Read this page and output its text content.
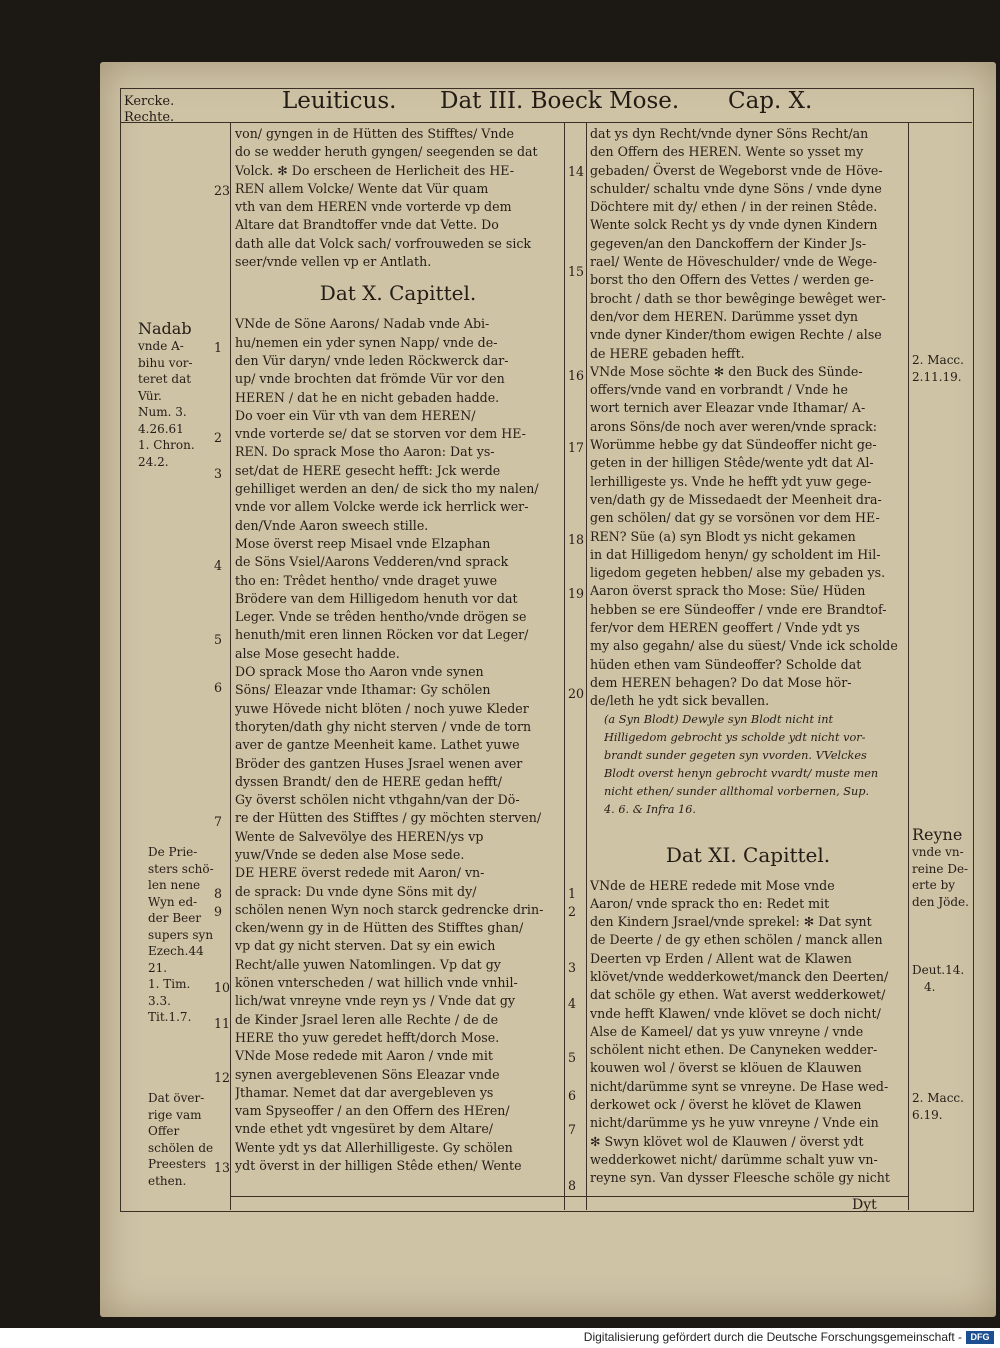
Kercke. Rechte.
Leuiticus. Dat III. Boeck Mose. Cap. X.

von/ gyngen in de Hütten des Stifftes/ Vnde

do se wedder heruth gyngen/ seegenden se dat

Volck. ✻ Do erscheen de Herlicheit des HE-

REN allem Volcke/ Wente dat Vür quam

vth van dem HEREN vnde vorterde vp dem

Altare dat Brandtoffer vnde dat Vette. Do

dath alle dat Volck sach/ vorfrouweden se sick

seer/vnde vellen vp er Antlath.

Dat X. Capittel.

VNde de Söne Aarons/ Nadab vnde Abi-

hu/nemen ein yder synen Napp/ vnde de-

den Vür daryn/ vnde leden Röckwerck dar-

up/ vnde brochten dat frömde Vür vor den

HEREN / dat he en nicht gebaden hadde.

Do voer ein Vür vth van dem HEREN/

vnde vorterde se/ dat se storven vor dem HE-

REN. Do sprack Mose tho Aaron: Dat ys-

set/dat de HERE gesecht hefft: Jck werde

gehilliget werden an den/ de sick tho my nalen/

vnde vor allem Volcke werde ick herrlick wer-

den/Vnde Aaron sweech stille.

Mose överst reep Misael vnde Elzaphan

de Söns Vsiel/Aarons Vedderen/vnd sprack

tho en: Trêdet hentho/ vnde draget yuwe

Bröderе van dem Hilligedom henuth vor dat

Leger. Vnde se trêden hentho/vnde drögen se

henuth/mit eren linnen Röcken vor dat Leger/

alse Mose gesecht hadde.

DO sprack Mose tho Aaron vnde synen

Söns/ Eleazar vnde Ithamar: Gy schölen

yuwe Hövede nicht blöten / noch yuwe Kleder

thoryten/dath ghy nicht sterven / vnde de torn

aver de gantze Meenheit kame. Lathet yuwe

Bröder des gantzen Huses Jsrael wenen aver

dyssen Brandt/ den de HERE gedan hefft/

Gy överst schölen nicht vthgahn/van der Dö-

re der Hütten des Stifftes / gy möchten sterven/

Wente de Salvevölye des HEREN/ys vp

yuw/Vnde se deden alse Mose sede.

DE HERE överst redede mit Aaron/ vn-

de sprack: Du vnde dyne Söns mit dy/

schölen nenen Wyn noch starck gedrencke drin-

cken/wenn gy in de Hütten des Stifftes ghan/

vp dat gy nicht sterven. Dat sy ein ewich

Recht/alle yuwen Natomlingen. Vp dat gy

könen vnterscheden / wat hillich vnde vnhil-

lich/wat vnreyne vnde reyn ys / Vnde dat gy

de Kinder Jsrael leren alle Rechte / de de

HERE tho yuw geredet hefft/dorch Mose.

VNde Mose redede mit Aaron / vnde mit

synen avergeblevenen Söns Eleazar vnde

Jthamar. Nemet dat dar avergebleven ys

vam Spyseoffer / an den Offern des HEren/

vnde ethet ydt vngesüret by dem Altare/

Wente ydt ys dat Allerhilligeste. Gy schölen

ydt överst in der hilligen Stêde ethen/ Wente

dat ys dyn Recht/vnde dyner Söns Recht/an

den Offern des HEREN. Wente so ysset my

gebaden/ Överst de Wegeborst vnde de Höve-

schulder/ schaltu vnde dyne Söns / vnde dyne

Döchtere mit dy/ ethen / in der reinen Stêde.

Wente solck Recht ys dy vnde dynen Kindern

gegeven/an den Danckoffern der Kinder Js-

rael/ Wente de Höveschulder/ vnde de Wege-

borst tho den Offern des Vettes / werden ge-

brocht / dath se thor bewêginge bewêget wer-

den/vor dem HEREN. Darümme ysset dyn

vnde dyner Kinder/thom ewigen Rechte / alse

de HERE gebaden hefft.

VNde Mose söchte ✻ den Buck des Sünde-

offers/vnde vand en vorbrandt / Vnde he

wort ternich aver Eleazar vnde Ithamar/ A-

arons Söns/de noch aver weren/vnde sprack:

Worümme hebbe gy dat Sündeoffer nicht ge-

geten in der hilligen Stêde/wente ydt dat Al-

lerhilligeste ys. Vnde he hefft ydt yuw gege-

ven/dath gy de Missedaedt der Meenheit dra-

gen schölen/ dat gy se vorsönen vor dem HE-

REN? Süe (a) syn Blodt ys nicht gekamen

in dat Hilligedom henyn/ gy scholdent im Hil-

ligedom gegeten hebben/ alse my gebaden ys.

Aaron överst sprack tho Mose: Süe/ Hüden

hebben se ere Sündeoffer / vnde ere Brandtof-

fer/vor dem HEREN geoffert / Vnde ydt ys

my also gegahn/ alse du süest/ Vnde ick scholde

hüden ethen vam Sündeoffer? Scholde dat

dem HEREN behagen? Do dat Mose hör-

de/leth he ydt sick bevallen.

(a Syn Blodt) Dewyle syn Blodt nicht int

Hilligedom gebrocht ys scholde ydt nicht vor-

brandt sunder gegeten syn vvorden. VVelckes

Blodt overst henyn gebrocht vvardt/ muste men

nicht ethen/ sunder allthomal vorbernen, Sup.

4. 6. & Infra 16.

Dat XI. Capittel.

VNde de HERE redede mit Mose vnde

Aaron/ vnde sprack tho en: Redet mit

den Kindern Jsrael/vnde sprekel: ✻ Dat synt

de Deerte / de gy ethen schölen / manck allen

Deerten vp Erden / Allent wat de Klawen

klövet/vnde wedderkowet/manck den Deerten/

dat schöle gy ethen. Wat averst wedderkowet/

vnde hefft Klawen/ vnde klövet se doch nicht/

Alse de Kameel/ dat ys yuw vnreyne / vnde

schölent nicht ethen. De Canyneken wedder-

kouwen wol / överst se klöuen de Klauwen

nicht/darümme synt se vnreyne. De Hase wed-

derkowet ock / överst he klövet de Klawen

nicht/darümme ys he yuw vnreyne / Vnde ein

✻ Swyn klövet wol de Klauwen / överst ydt

wedderkowet nicht/ darümme schalt yuw vn-

reyne syn. Van dysser Fleesche schöle gy nicht

23
1
2
3
4
5
6
7
8
9
10
11
12
13
14
15
16
17
18
19
20
1
2
3
4
5
6
7
8
Nadab
vnde A-
bihu vor-
teret dat
Vür.
Num. 3.
4.26.61
1. Chron.
24.2.
De Prie-
sters schö-
len nene
Wyn ed-
der Beer
supers syn
Ezech.44
21.
1. Tim.
3.3.
Tit.1.7.
Dat över-
rige vam
Offer
schölen de
Preesters
ethen.
2. Macc.
2.11.19.
Reyne
vnde vn-
reine De-
erte by
den Jöde.
Deut.14.
4.
2. Macc.
6.19.
Dyt
Digitalisierung gefördert durch die Deutsche Forschungsgemeinschaft - DFG
